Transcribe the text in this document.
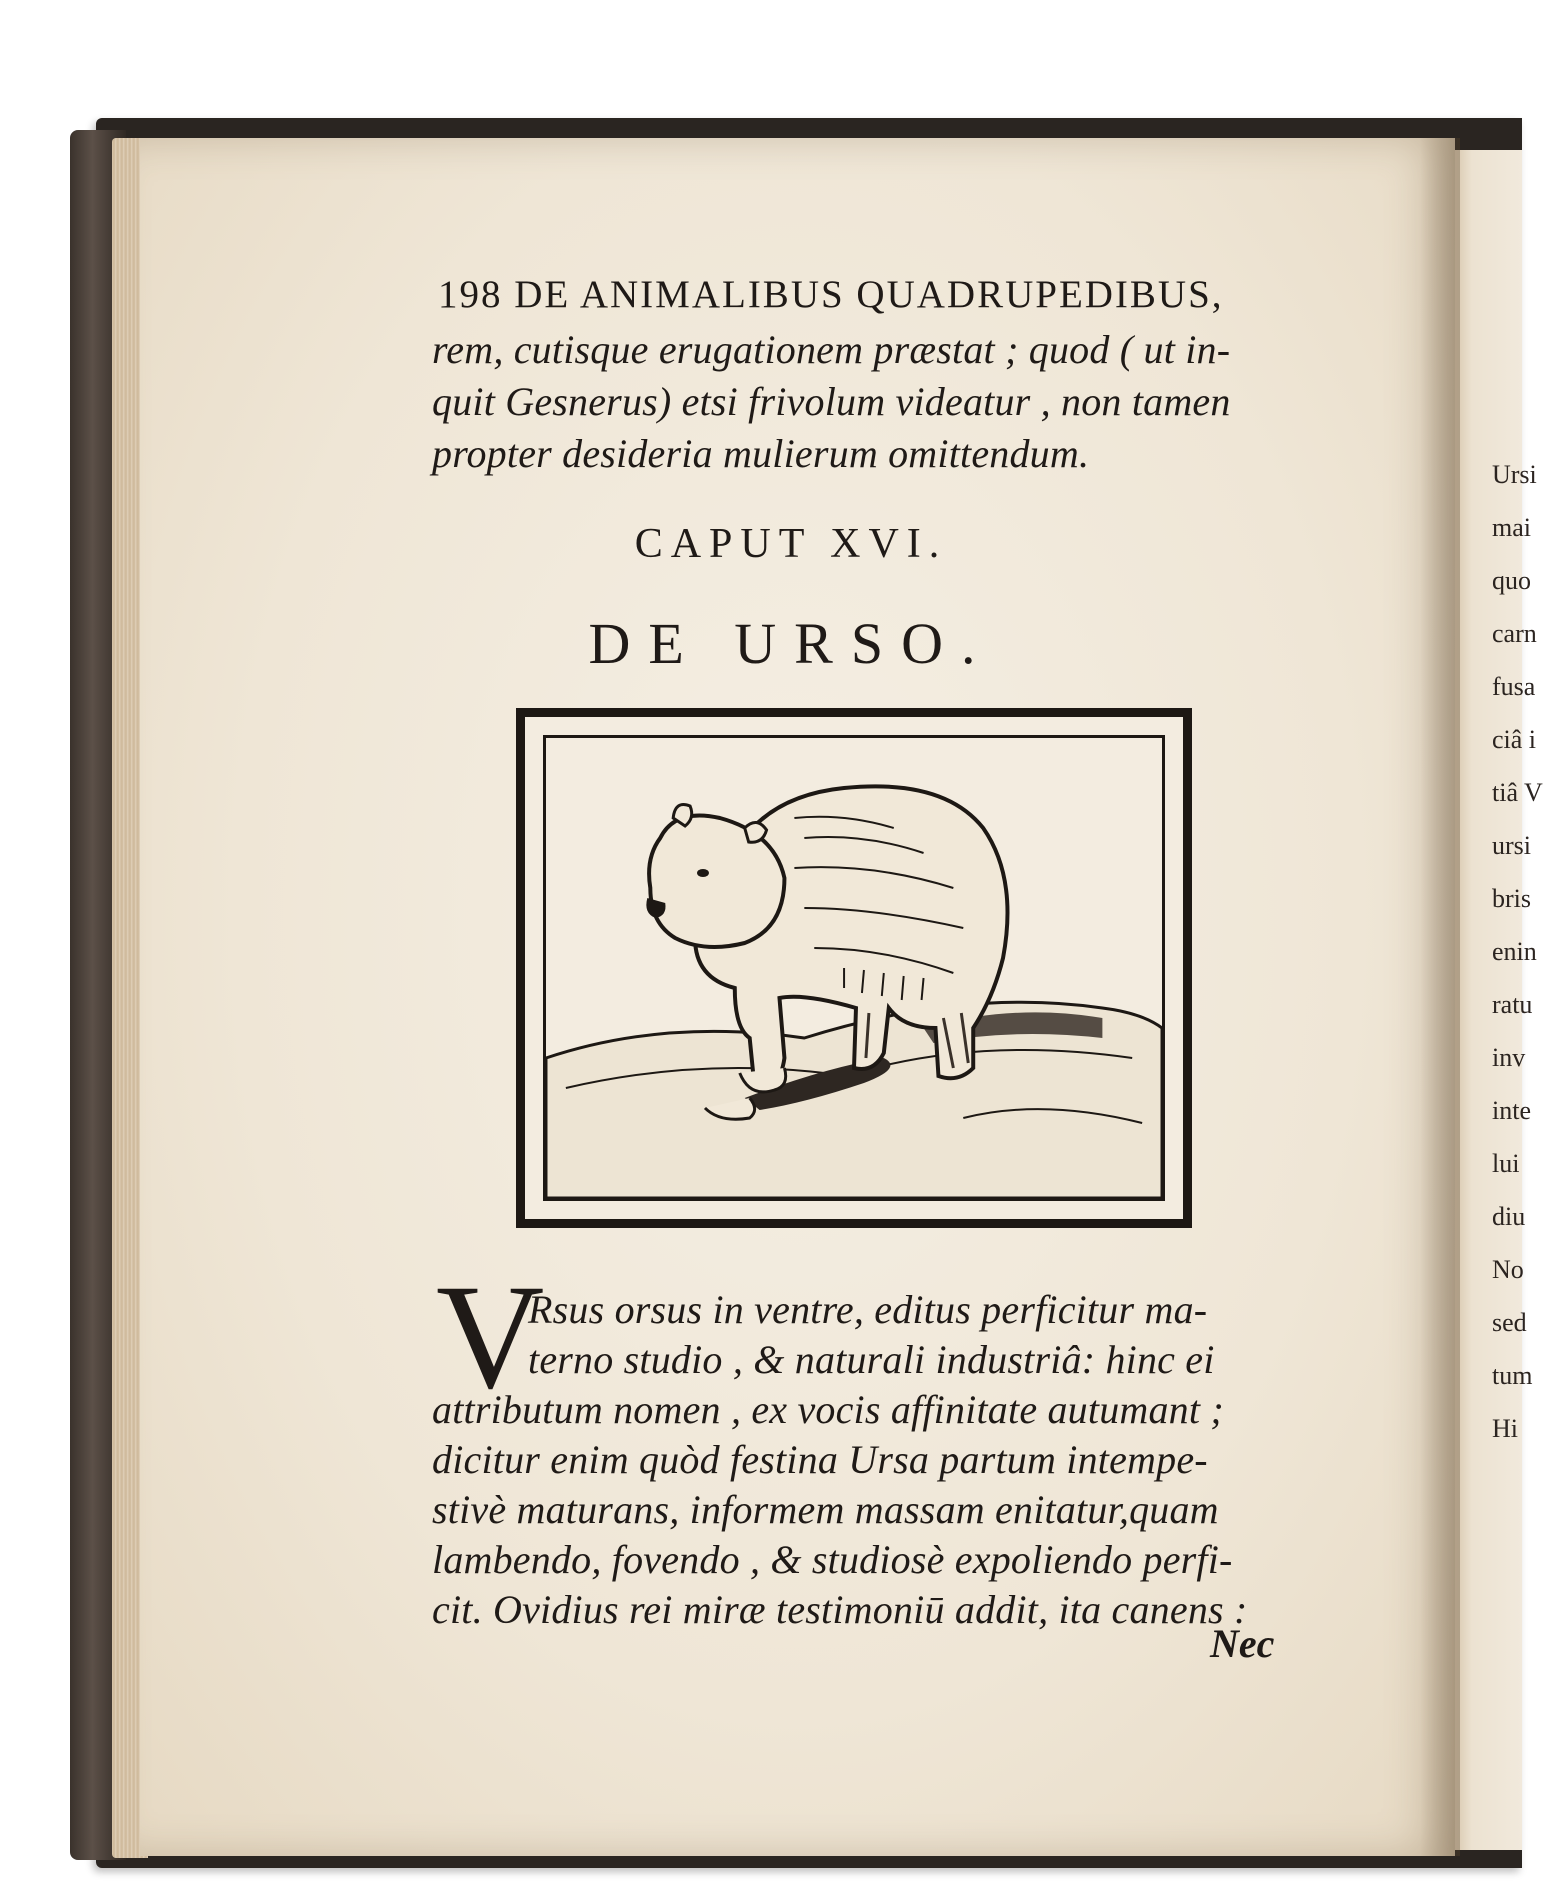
Ursi
mai
quo
carn
fusa
ciâ i
tiâ V
ursi
bris
enin
ratu
inv
inte
lui
diu
No
sed
tum
Hi
198 DE ANIMALIBUS QUADRUPEDIBUS,
rem, cutisque erugationem præstat ; quod ( ut in-
quit Gesnerus) etsi frivolum videatur , non tamen
propter desideria mulierum omittendum.
CAPUT XVI.
DE URSO.
V
Rsus orsus in ventre, editus perficitur ma-
terno studio , & naturali industriâ: hinc ei
attributum nomen , ex vocis affinitate autumant ;
dicitur enim quòd festina Ursa partum intempe-
stivè maturans, informem massam enitatur,quam
lambendo, fovendo , & studiosè expoliendo perfi-
cit. Ovidius rei miræ testimoniū addit, ita canens :
Nec
